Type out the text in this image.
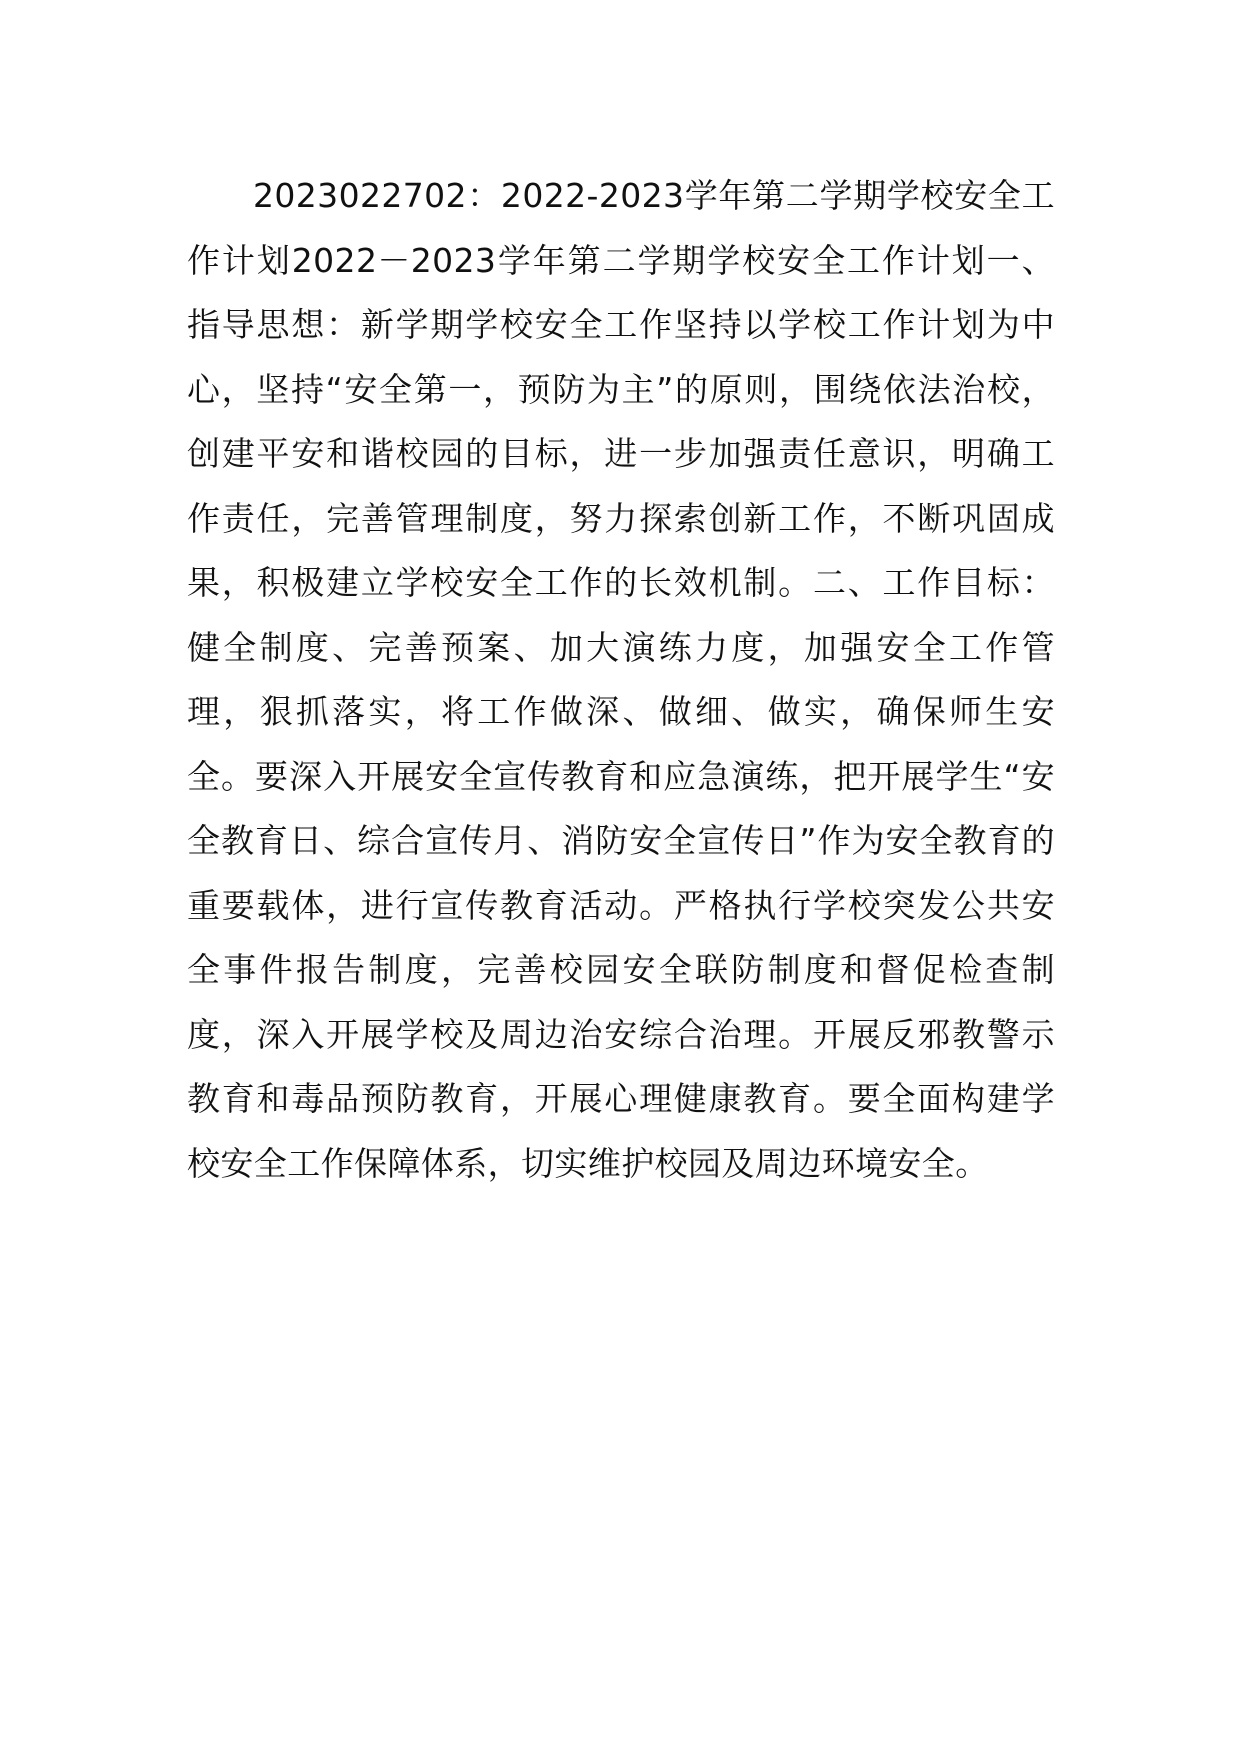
2023022702：2022-2023学年第二学期学校安全工作计划2022－2023学年第二学期学校安全工作计划一、指导思想：新学期学校安全工作坚持以学校工作计划为中心，坚持“安全第一，预防为主”的原则，围绕依法治校，创建平安和谐校园的目标，进一步加强责任意识，明确工作责任，完善管理制度，努力探索创新工作，不断巩固成果，积极建立学校安全工作的长效机制。二、工作目标：健全制度、完善预案、加大演练力度，加强安全工作管理，狠抓落实，将工作做深、做细、做实，确保师生安全。要深入开展安全宣传教育和应急演练，把开展学生“安全教育日、综合宣传月、消防安全宣传日”作为安全教育的重要载体，进行宣传教育活动。严格执行学校突发公共安全事件报告制度，完善校园安全联防制度和督促检查制度，深入开展学校及周边治安综合治理。开展反邪教警示教育和毒品预防教育，开展心理健康教育。要全面构建学校安全工作保障体系，切实维护校园及周边环境安全。
